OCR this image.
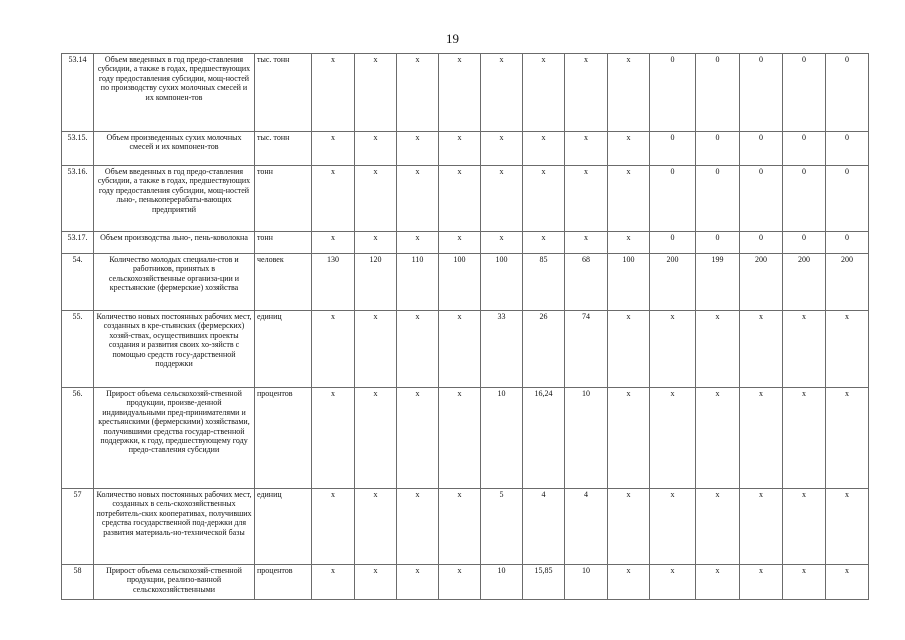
19
53.14	Объем введенных в год предо-ставления субсидии, а также в годах, предшествующих году предоставления субсидии, мощ-ностей по производству сухих молочных смесей и их компонен-тов	тыс. тонн	x	x	x	x	x	x	x	x	0	0	0	0	0
53.15.	Объем произведенных сухих молочных смесей и их компонен-тов	тыс. тонн	x	x	x	x	x	x	x	x	0	0	0	0	0
53.16.	Объем введенных в год предо-ставления субсидии, а также в годах, предшествующих году предоставления субсидии, мощ-ностей льно-, пенькоперерабаты-вающих предприятий	тонн	x	x	x	x	x	x	x	x	0	0	0	0	0
53.17.	Объем производства льно-, пень-коволокна	тонн	x	x	x	x	x	x	x	x	0	0	0	0	0
54.	Количество молодых специали-стов и работников, принятых в сельскохозяйственные организа-ции и крестьянские (фермерские) хозяйства	человек	130	120	110	100	100	85	68	100	200	199	200	200	200
55.	Количество новых постоянных рабочих мест, созданных в кре-стьянских (фермерских) хозяй-ствах, осуществивших проекты создания и развития своих хо-зяйств с помощью средств госу-дарственной поддержки	единиц	x	x	x	x	33	26	74	x	x	x	x	x	x
56.	Прирост объема сельскохозяй-ственной продукции, произве-денной индивидуальными пред-принимателями и крестьянскими (фермерскими) хозяйствами, получившими средства государ-ственной поддержки, к году, предшествующему году предо-ставления субсидии	процентов	x	x	x	x	10	16,24	10	x	x	x	x	x	x
57	Количество новых постоянных рабочих мест, созданных в сель-скохозяйственных потребитель-ских кооперативах, получивших средства государственной под-держки для развития материаль-но-технической базы	единиц	x	x	x	x	5	4	4	x	x	x	x	x	x
58	Прирост объема сельскохозяй-ственной продукции, реализо-ванной сельскохозяйственными	процентов	x	x	x	x	10	15,85	10	x	x	x	x	x	x
